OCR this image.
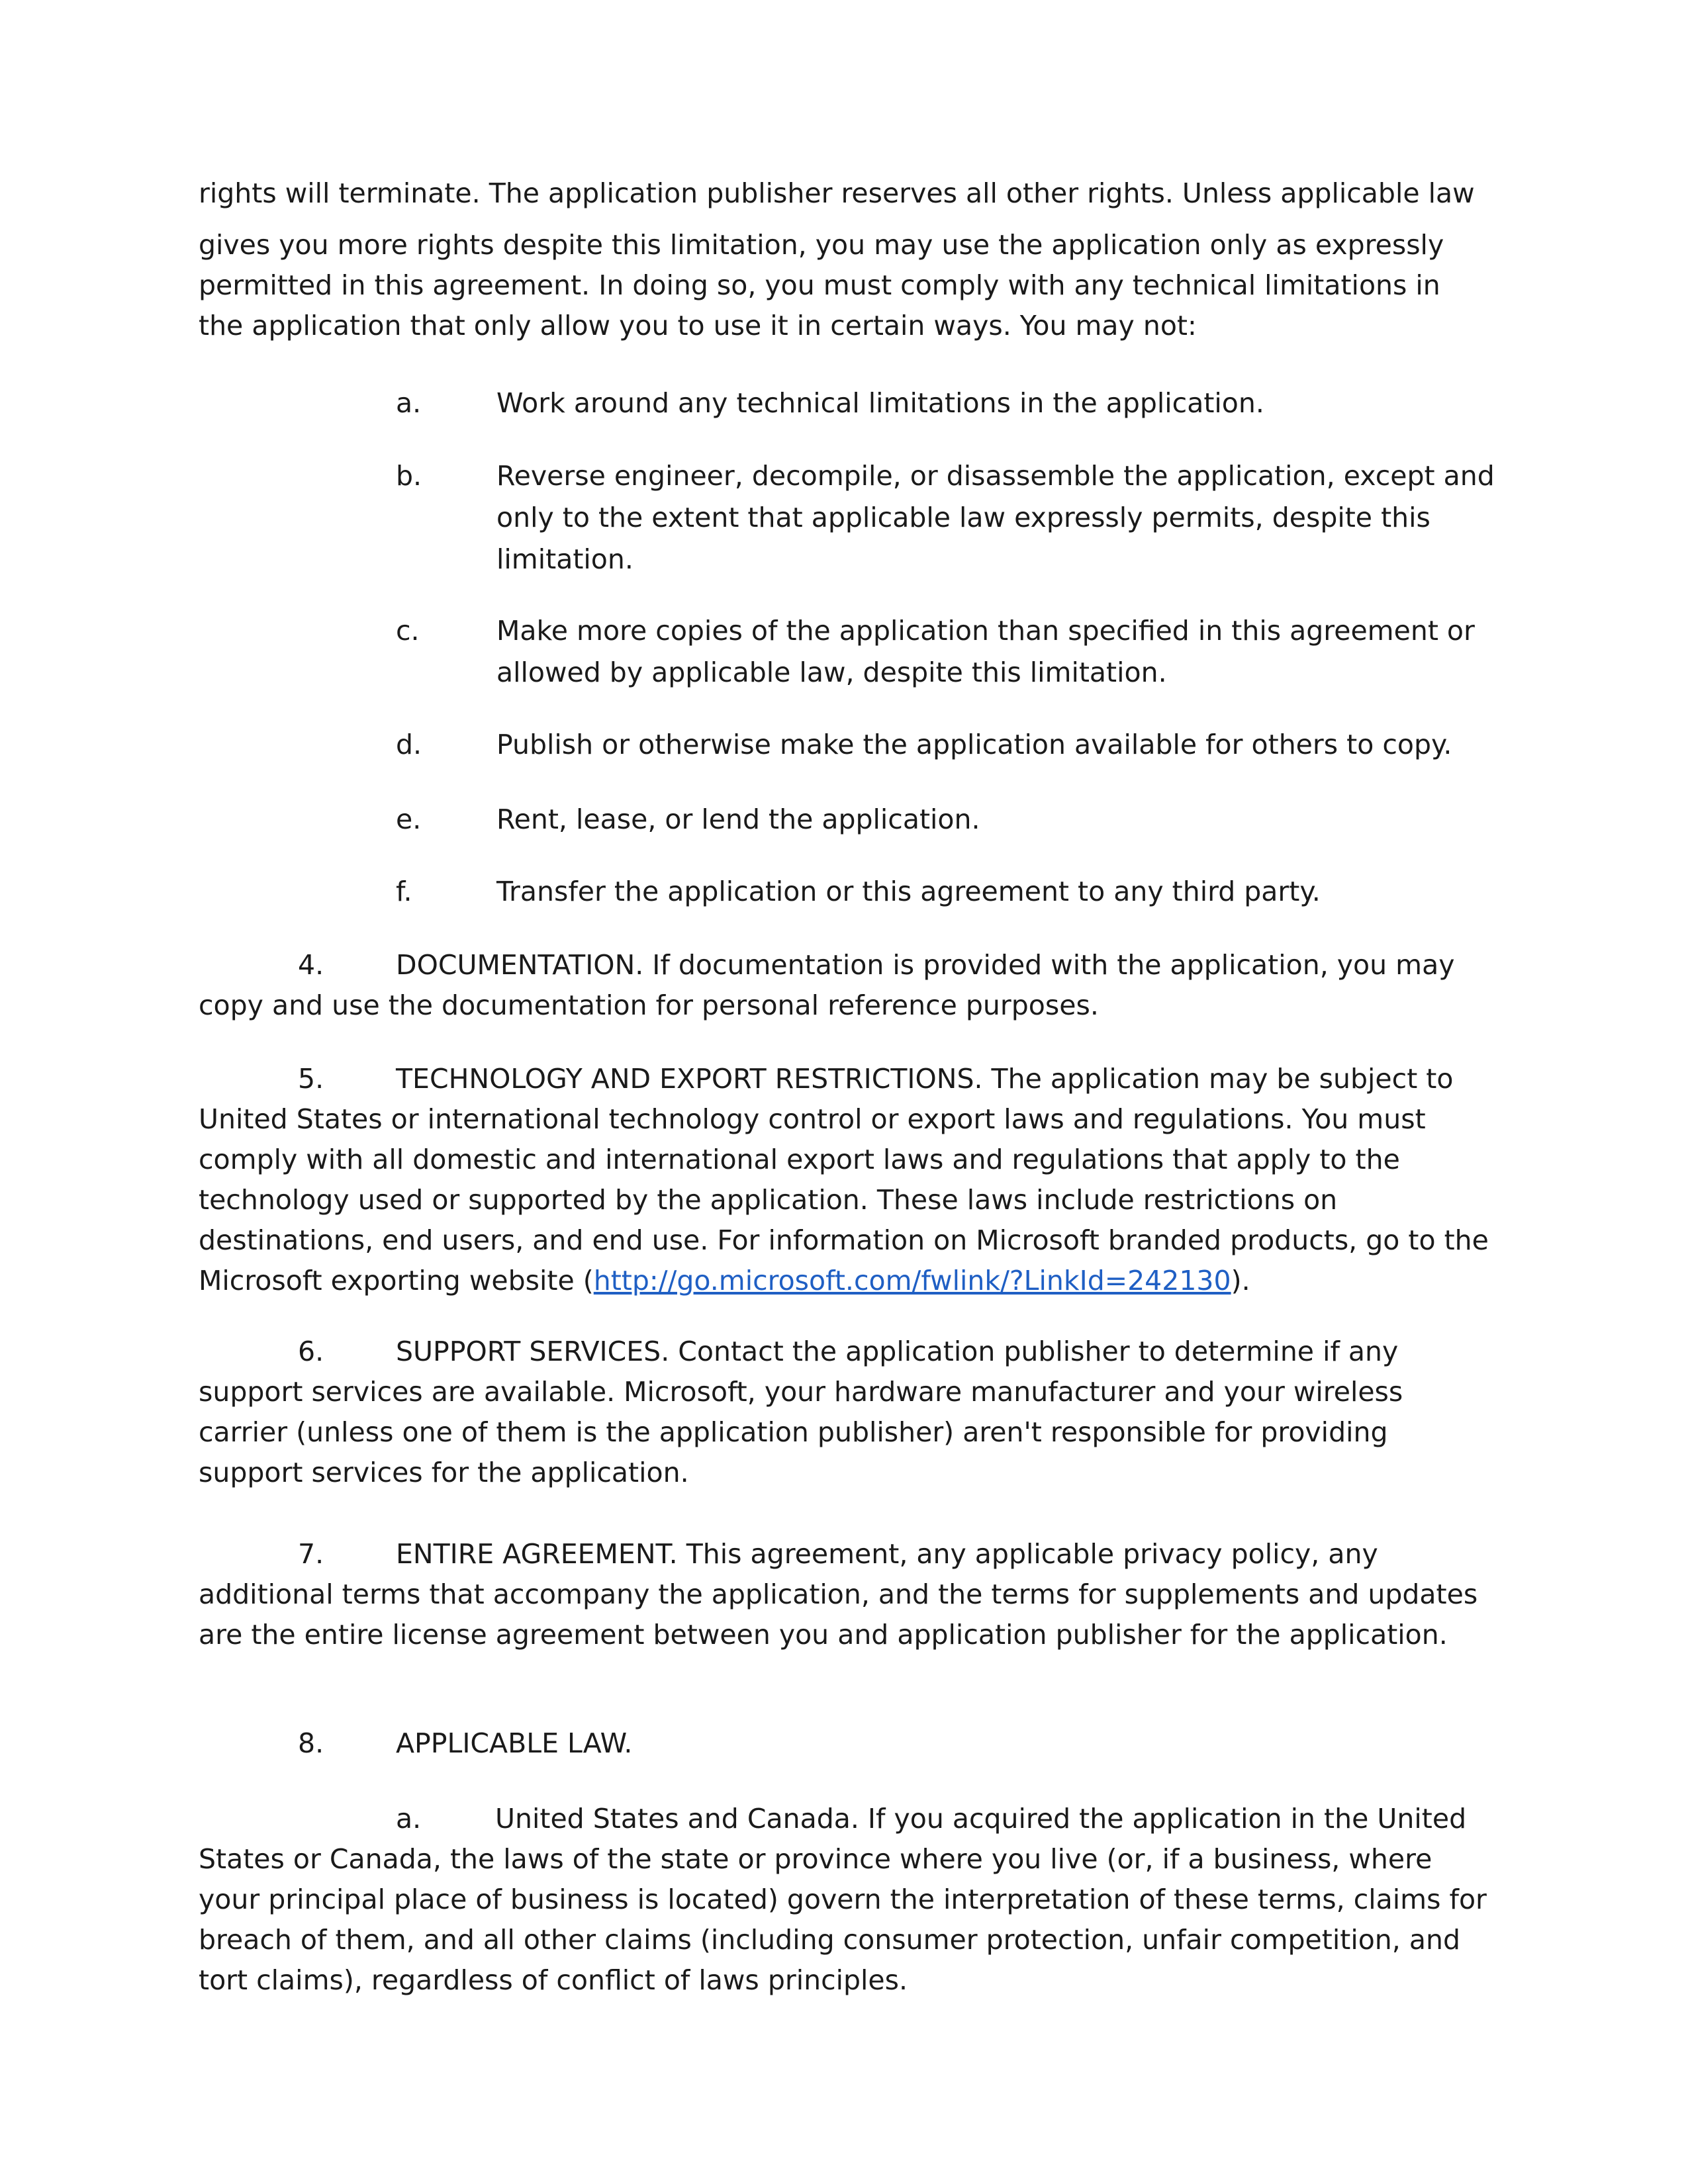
rights will terminate. The application publisher reserves all other rights. Unless applicable law

gives you more rights despite this limitation, you may use the application only as expressly permitted in this agreement. In doing so, you must comply with any technical limitations in the application that only allow you to use it in certain ways. You may not:

a.	Work around any technical limitations in the application.
b.	Reverse engineer, decompile, or disassemble the application, except and only to the extent that applicable law expressly permits, despite this limitation.
c.	Make more copies of the application than specified in this agreement or allowed by applicable law, despite this limitation.
d.	Publish or otherwise make the application available for others to copy.
e.	Rent, lease, or lend the application.
f.	Transfer the application or this agreement to any third party.
4.	DOCUMENTATION. If documentation is provided with the application, you may copy and use the documentation for personal reference purposes.
5.	TECHNOLOGY AND EXPORT RESTRICTIONS. The application may be subject to United States or international technology control or export laws and regulations. You must comply with all domestic and international export laws and regulations that apply to the technology used or supported by the application. These laws include restrictions on destinations, end users, and end use. For information on Microsoft branded products, go to the Microsoft exporting website (http://go.microsoft.com/fwlink/?LinkId=242130).
6.	SUPPORT SERVICES. Contact the application publisher to determine if any support services are available. Microsoft, your hardware manufacturer and your wireless carrier (unless one of them is the application publisher) aren't responsible for providing support services for the application.
7.	ENTIRE AGREEMENT. This agreement, any applicable privacy policy, any additional terms that accompany the application, and the terms for supplements and updates are the entire license agreement between you and application publisher for the application.
8.	APPLICABLE LAW.
a.	United States and Canada. If you acquired the application in the United States or Canada, the laws of the state or province where you live (or, if a business, where your principal place of business is located) govern the interpretation of these terms, claims for breach of them, and all other claims (including consumer protection, unfair competition, and tort claims), regardless of conflict of laws principles.
